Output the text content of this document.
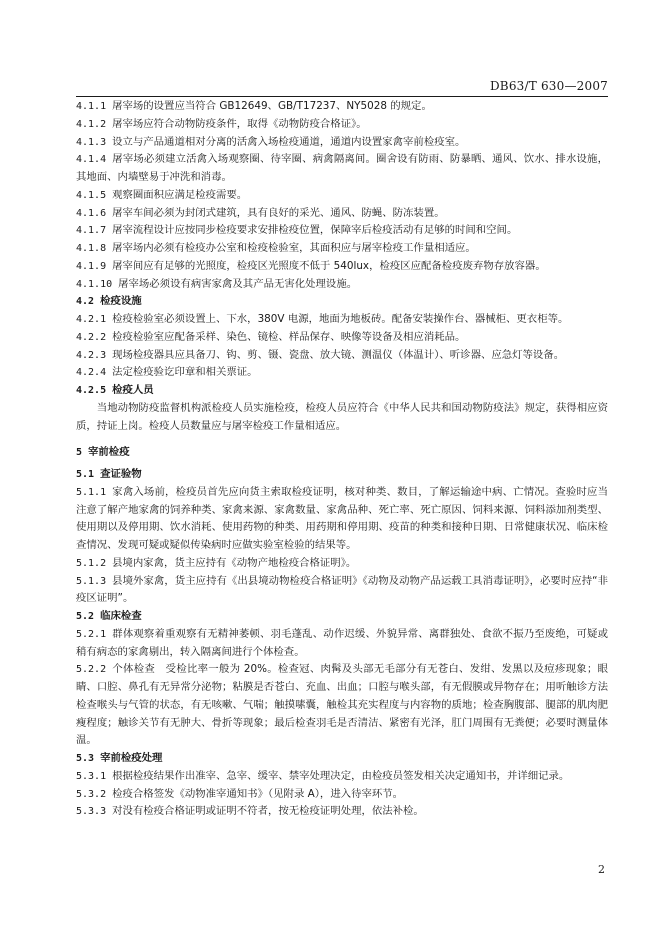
DB63/T 630—2007
4.1.1 屠宰场的设置应当符合 GB12649、GB/T17237、NY5028 的规定。
4.1.2 屠宰场应符合动物防疫条件，取得《动物防疫合格证》。
4.1.3 设立与产品通道相对分离的活禽入场检疫通道，通道内设置家禽宰前检疫室。
4.1.4 屠宰场必须建立活禽入场观察圈、待宰圈、病禽隔离间。圈舍设有防雨、防暴晒、通风、饮水、排水设施，其地面、内墙壁易于冲洗和消毒。
4.1.5 观察圈面积应满足检疫需要。
4.1.6 屠宰车间必须为封闭式建筑，具有良好的采光、通风、防蝇、防冻装置。
4.1.7 屠宰流程设计应按同步检疫要求安排检疫位置，保障宰后检疫活动有足够的时间和空间。
4.1.8 屠宰场内必须有检疫办公室和检疫检验室，其面积应与屠宰检疫工作量相适应。
4.1.9 屠宰间应有足够的光照度，检疫区光照度不低于 540lux，检疫区应配备检疫废弃物存放容器。
4.1.10 屠宰场必须设有病害家禽及其产品无害化处理设施。
4.2 检疫设施
4.2.1 检疫检验室必须设置上、下水，380V 电源，地面为地板砖。配备安装操作台、器械柜、更衣柜等。
4.2.2 检疫检验室应配备采样、染色、镜检、样品保存、映像等设备及相应消耗品。
4.2.3 现场检疫器具应具备刀、钩、剪、镊、瓷盘、放大镜、测温仪（体温计）、听诊器、应急灯等设备。
4.2.4 法定检疫验讫印章和相关票证。
4.2.5 检疫人员
当地动物防疫监督机构派检疫人员实施检疫，检疫人员应符合《中华人民共和国动物防疫法》规定，获得相应资质，持证上岗。检疫人员数量应与屠宰检疫工作量相适应。
5 宰前检疫
5.1 查证验物
5.1.1 家禽入场前，检疫员首先应向货主索取检疫证明，核对种类、数目，了解运输途中病、亡情况。查验时应当注意了解产地家禽的饲养种类、家禽来源、家禽数量、家禽品种、死亡率、死亡原因、饲料来源、饲料添加剂类型、使用期以及停用期、饮水消耗、使用药物的种类、用药期和停用期、疫苗的种类和接种日期、日常健康状况、临床检查情况、发现可疑或疑似传染病时应做实验室检验的结果等。
5.1.2 县境内家禽，货主应持有《动物产地检疫合格证明》。
5.1.3 县境外家禽，货主应持有《出县境动物检疫合格证明》《动物及动物产品运载工具消毒证明》，必要时应持“非疫区证明”。
5.2 临床检查
5.2.1 群体观察着重观察有无精神萎顿、羽毛蓬乱、动作迟缓、外貌异常、离群独处、食欲不振乃至废绝，可疑或稍有病态的家禽剔出，转入隔离间进行个体检查。
5.2.2 个体检查　受检比率一般为 20%。检查冠、肉髯及头部无毛部分有无苍白、发绀、发黑以及痘疹现象；眼睛、口腔、鼻孔有无异常分泌物；粘膜是否苍白、充血、出血；口腔与喉头部，有无假膜或异物存在；用听触诊方法检查喉头与气管的状态，有无咳嗽、气喘；触摸嗉囊，触检其充实程度与内容物的质地；检查胸腹部、腿部的肌肉肥瘦程度；触诊关节有无肿大、骨折等现象；最后检查羽毛是否清洁、紧密有光泽，肛门周围有无粪便；必要时测量体温。
5.3 宰前检疫处理
5.3.1 根据检疫结果作出准宰、急宰、缓宰、禁宰处理决定，由检疫员签发相关决定通知书，并详细记录。
5.3.2 检疫合格签发《动物准宰通知书》（见附录 A），进入待宰环节。
5.3.3 对没有检疫合格证明或证明不符者，按无检疫证明处理，依法补检。
2
